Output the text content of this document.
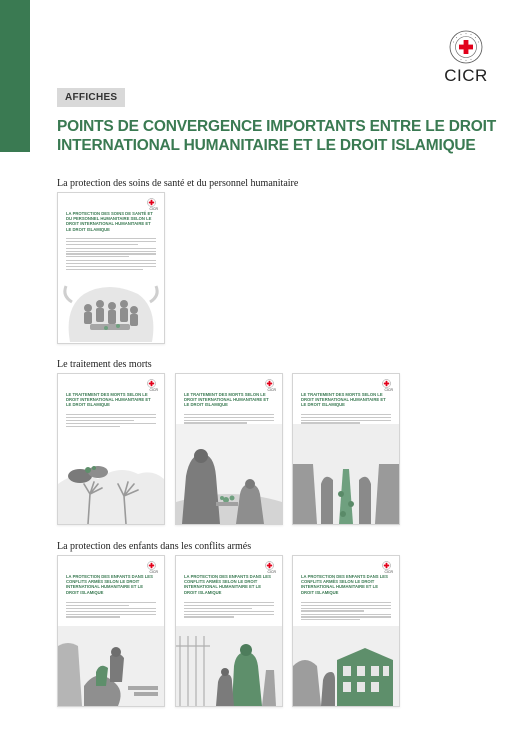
CICR
AFFICHES
POINTS DE CONVERGENCE IMPORTANTS ENTRE LE DROIT
INTERNATIONAL HUMANITAIRE ET LE DROIT ISLAMIQUE
La protection des soins de santé et du personnel humanitaire
CICR
LA PROTECTION DES SOINS DE SANTÉ ET DU PERSONNEL HUMANITAIRE SELON LE DROIT INTERNATIONAL HUMANITAIRE ET LE DROIT ISLAMIQUE
Le traitement des morts
CICR
LE TRAITEMENT DES MORTS SELON LE DROIT INTERNATIONAL HUMANITAIRE ET LE DROIT ISLAMIQUE
CICR
LE TRAITEMENT DES MORTS SELON LE DROIT INTERNATIONAL HUMANITAIRE ET LE DROIT ISLAMIQUE
CICR
LE TRAITEMENT DES MORTS SELON LE DROIT INTERNATIONAL HUMANITAIRE ET LE DROIT ISLAMIQUE
La protection des enfants dans les conflits armés
CICR
LA PROTECTION DES ENFANTS DANS LES CONFLITS ARMÉS SELON LE DROIT INTERNATIONAL HUMANITAIRE ET LE DROIT ISLAMIQUE
CICR
LA PROTECTION DES ENFANTS DANS LES CONFLITS ARMÉS SELON LE DROIT INTERNATIONAL HUMANITAIRE ET LE DROIT ISLAMIQUE
CICR
LA PROTECTION DES ENFANTS DANS LES CONFLITS ARMÉS SELON LE DROIT INTERNATIONAL HUMANITAIRE ET LE DROIT ISLAMIQUE
